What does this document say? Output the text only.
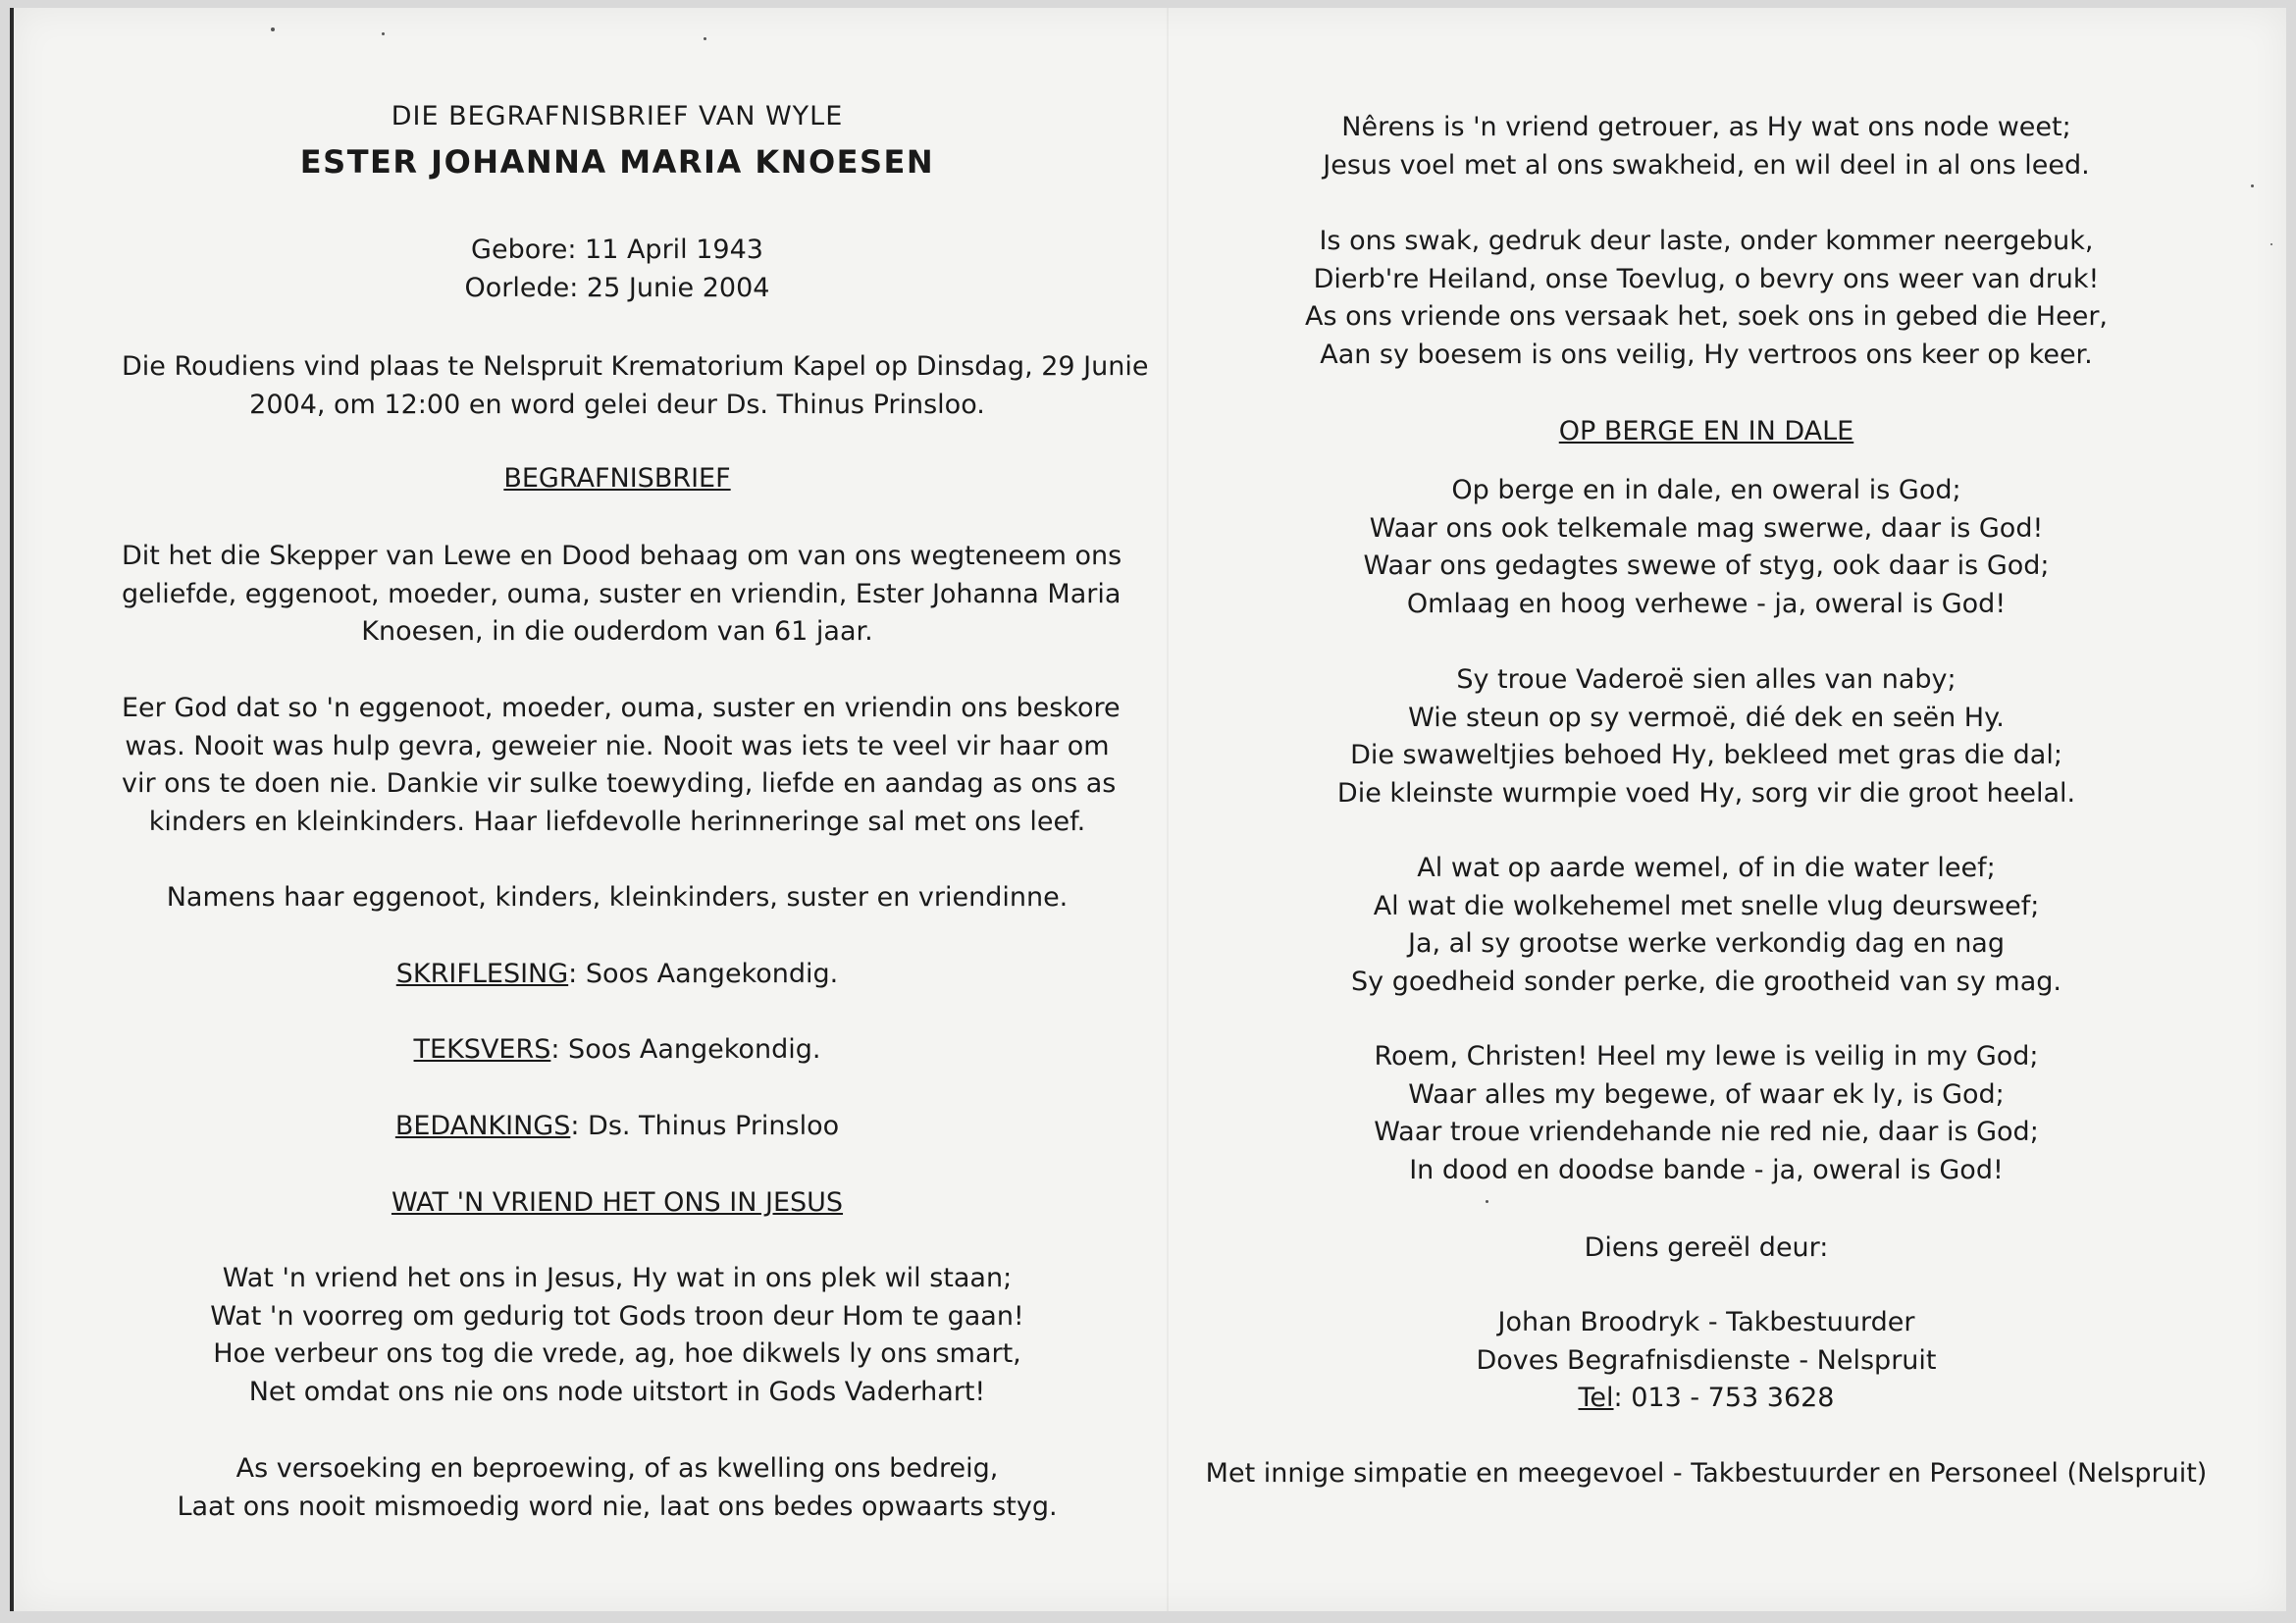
DIE BEGRAFNISBRIEF VAN WYLE
ESTER JOHANNA MARIA KNOESEN

Gebore: 11 April 1943

Oorlede: 25 Junie 2004

Die Roudiens vind plaas te Nelspruit Krematorium Kapel op Dinsdag, 29 Junie

2004, om 12:00 en word gelei deur Ds. Thinus Prinsloo.

BEGRAFNISBRIEF

Dit het die Skepper van Lewe en Dood behaag om van ons wegteneem ons

geliefde, eggenoot, moeder, ouma, suster en vriendin, Ester Johanna Maria

Knoesen, in die ouderdom van 61 jaar.

Eer God dat so 'n eggenoot, moeder, ouma, suster en vriendin ons beskore

was. Nooit was hulp gevra, geweier nie. Nooit was iets te veel vir haar om

vir ons te doen nie. Dankie vir sulke toewyding, liefde en aandag as ons as

kinders en kleinkinders. Haar liefdevolle herinneringe sal met ons leef.

Namens haar eggenoot, kinders, kleinkinders, suster en vriendinne.

SKRIFLESING: Soos Aangekondig.

TEKSVERS: Soos Aangekondig.

BEDANKINGS: Ds. Thinus Prinsloo

WAT 'N VRIEND HET ONS IN JESUS

Wat 'n vriend het ons in Jesus, Hy wat in ons plek wil staan;

Wat 'n voorreg om gedurig tot Gods troon deur Hom te gaan!

Hoe verbeur ons tog die vrede, ag, hoe dikwels ly ons smart,

Net omdat ons nie ons node uitstort in Gods Vaderhart!

As versoeking en beproewing, of as kwelling ons bedreig,

Laat ons nooit mismoedig word nie, laat ons bedes opwaarts styg.

Nêrens is 'n vriend getrouer, as Hy wat ons node weet;

Jesus voel met al ons swakheid, en wil deel in al ons leed.

Is ons swak, gedruk deur laste, onder kommer neergebuk,

Dierb're Heiland, onse Toevlug, o bevry ons weer van druk!

As ons vriende ons versaak het, soek ons in gebed die Heer,

Aan sy boesem is ons veilig, Hy vertroos ons keer op keer.

OP BERGE EN IN DALE

Op berge en in dale, en oweral is God;

Waar ons ook telkemale mag swerwe, daar is God!

Waar ons gedagtes swewe of styg, ook daar is God;

Omlaag en hoog verhewe - ja, oweral is God!

Sy troue Vaderoë sien alles van naby;

Wie steun op sy vermoë, dié dek en seën Hy.

Die swaweltjies behoed Hy, beklеed met gras die dal;

Die kleinste wurmpie voed Hy, sorg vir die groot heelal.

Al wat op aarde wemel, of in die water leef;

Al wat die wolkehemel met snelle vlug deursweef;

Ja, al sy grootse werke verkondig dag en nag

Sy goedheid sonder perke, die grootheid van sy mag.

Roem, Christen! Heel my lewe is veilig in my God;

Waar alles my begewe, of waar ek ly, is God;

Waar troue vriendehande nie red nie, daar is God;

In dood en doodse bande - ja, oweral is God!

Diens gereël deur:

Johan Broodryk - Takbestuurder

Doves Begrafnisdienste - Nelspruit

Tel: 013 - 753 3628

Met innige simpatie en meegevoel - Takbestuurder en Personeel (Nelspruit)
